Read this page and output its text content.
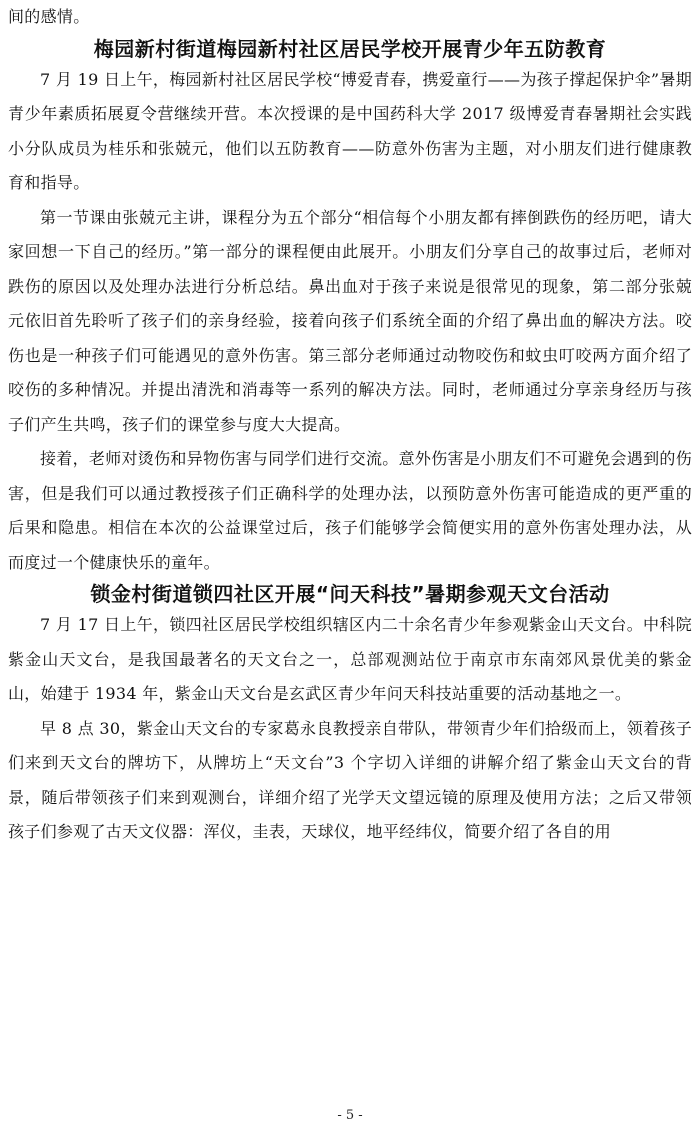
间的感情。

梅园新村街道梅园新村社区居民学校开展青少年五防教育

7 月 19 日上午，梅园新村社区居民学校“博爱青春，携爱童行——为孩子撑起保护伞”暑期青少年素质拓展夏令营继续开营。本次授课的是中国药科大学 2017 级博爱青春暑期社会实践小分队成员为桂乐和张兢元，他们以五防教育——防意外伤害为主题，对小朋友们进行健康教育和指导。

第一节课由张兢元主讲，课程分为五个部分“相信每个小朋友都有摔倒跌伤的经历吧，请大家回想一下自己的经历。”第一部分的课程便由此展开。小朋友们分享自己的故事过后，老师对跌伤的原因以及处理办法进行分析总结。鼻出血对于孩子来说是很常见的现象，第二部分张兢元依旧首先聆听了孩子们的亲身经验，接着向孩子们系统全面的介绍了鼻出血的解决方法。咬伤也是一种孩子们可能遇见的意外伤害。第三部分老师通过动物咬伤和蚊虫叮咬两方面介绍了咬伤的多种情况。并提出清洗和消毒等一系列的解决方法。同时，老师通过分享亲身经历与孩子们产生共鸣，孩子们的课堂参与度大大提高。

接着，老师对烫伤和异物伤害与同学们进行交流。意外伤害是小朋友们不可避免会遇到的伤害，但是我们可以通过教授孩子们正确科学的处理办法，以预防意外伤害可能造成的更严重的后果和隐患。相信在本次的公益课堂过后，孩子们能够学会简便实用的意外伤害处理办法，从而度过一个健康快乐的童年。

锁金村街道锁四社区开展“问天科技”暑期参观天文台活动

7 月 17 日上午，锁四社区居民学校组织辖区内二十余名青少年参观紫金山天文台。中科院紫金山天文台，是我国最著名的天文台之一，总部观测站位于南京市东南郊风景优美的紫金山，始建于 1934 年，紫金山天文台是玄武区青少年问天科技站重要的活动基地之一。

早 8 点 30，紫金山天文台的专家葛永良教授亲自带队，带领青少年们拾级而上，领着孩子们来到天文台的牌坊下，从牌坊上“天文台”3 个字切入详细的讲解介绍了紫金山天文台的背景，随后带领孩子们来到观测台，详细介绍了光学天文望远镜的原理及使用方法；之后又带领孩子们参观了古天文仪器：浑仪，圭表，天球仪，地平经纬仪，简要介绍了各自的用

- 5 -
